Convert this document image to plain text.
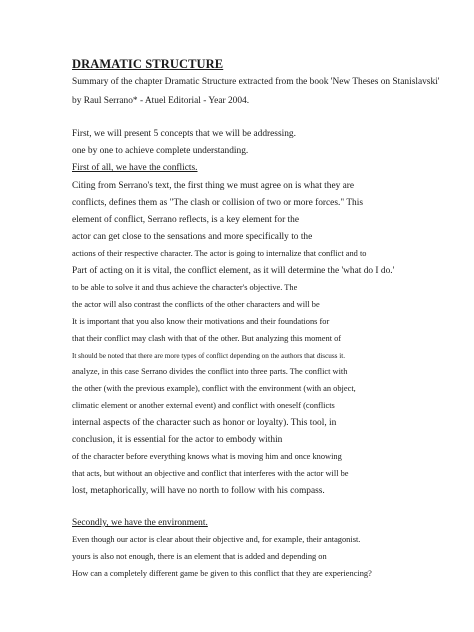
DRAMATIC STRUCTURE
Summary of the chapter Dramatic Structure extracted from the book 'New Theses on Stanislavski'
by Raul Serrano* - Atuel Editorial - Year 2004.
First, we will present 5 concepts that we will be addressing.
one by one to achieve complete understanding.
First of all, we have the conflicts.
Citing from Serrano's text, the first thing we must agree on is what they are
conflicts, defines them as "The clash or collision of two or more forces." This
element of conflict, Serrano reflects, is a key element for the
actor can get close to the sensations and more specifically to the
actions of their respective character. The actor is going to internalize that conflict and to
Part of acting on it is vital, the conflict element, as it will determine the 'what do I do.'
to be able to solve it and thus achieve the character's objective. The
the actor will also contrast the conflicts of the other characters and will be
It is important that you also know their motivations and their foundations for
that their conflict may clash with that of the other. But analyzing this moment of
It should be noted that there are more types of conflict depending on the authors that discuss it.
analyze, in this case Serrano divides the conflict into three parts. The conflict with
the other (with the previous example), conflict with the environment (with an object,
climatic element or another external event) and conflict with oneself (conflicts
internal aspects of the character such as honor or loyalty). This tool, in
conclusion, it is essential for the actor to embody within
of the character before everything knows what is moving him and once knowing
that acts, but without an objective and conflict that interferes with the actor will be
lost, metaphorically, will have no north to follow with his compass.
Secondly, we have the environment.
Even though our actor is clear about their objective and, for example, their antagonist.
yours is also not enough, there is an element that is added and depending on
How can a completely different game be given to this conflict that they are experiencing?
